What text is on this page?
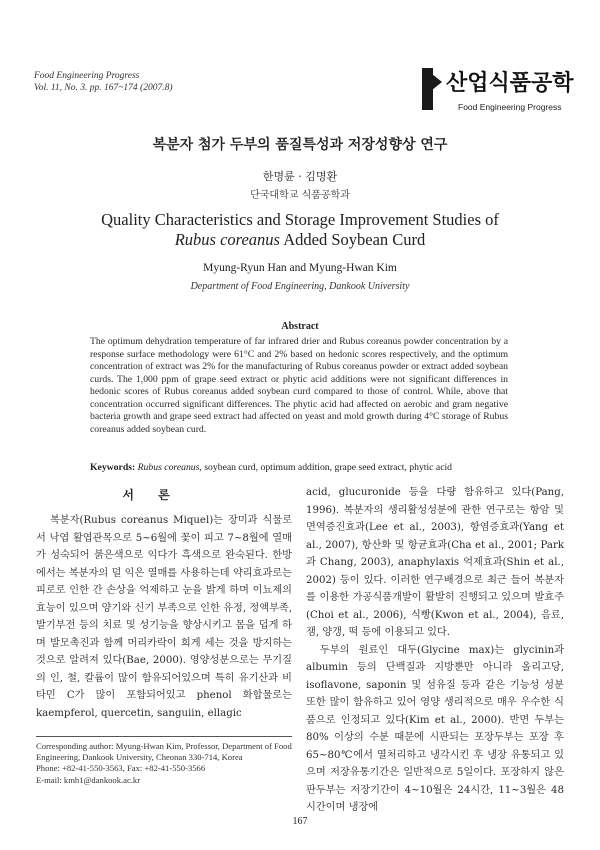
Food Engineering Progress
Vol. 11, No. 3. pp. 167~174 (2007.8)	산업식품공학
Food Engineering Progress
복분자 첨가 두부의 품질특성과 저장성향상 연구
한명륜 · 김명환
단국대학교 식품공학과
Quality Characteristics and Storage Improvement Studies of
Rubus coreanus Added Soybean Curd
Myung-Ryun Han and Myung-Hwan Kim
Department of Food Engineering, Dankook University
Abstract
The optimum dehydration temperature of far infrared drier and Rubus coreanus powder concentration by a response surface methodology were 61°C and 2% based on hedonic scores respectively, and the optimum concentration of extract was 2% for the manufacturing of Rubus coreanus powder or extract added soybean curds. The 1,000 ppm of grape seed extract or phytic acid additions were not significant differences in hedonic scores of Rubus coreanus added soybean curd compared to those of control. While, above that concentration occurred significant differences. The phytic acid had affected on aerobic and gram negative bacteria growth and grape seed extract had affected on yeast and mold growth during 4°C storage of Rubus coreanus added soybean curd.
Keywords: Rubus coreanus, soybean curd, optimum addition, grape seed extract, phytic acid
서 론

복분자(Rubus coreanus Miquel)는 장미과 식물로서 낙엽 활엽관목으로 5~6월에 꽃이 피고 7~8월에 열매가 성숙되어 붉은색으로 익다가 흑색으로 완숙된다. 한방에서는 복분자의 덜 익은 열매를 사용하는데 약리효과로는 피로로 인한 간 손상을 억제하고 눈을 밝게 하며 이뇨제의 효능이 있으며 양기와 신기 부족으로 인한 유정, 정액부족, 발기부전 등의 치료 및 성기능을 향상시키고 몸을 덥게 하며 발모촉진과 함께 머리카락이 희게 세는 것을 방지하는 것으로 알려져 있다(Bae, 2000). 영양성분으로는 무기질의 인, 철, 칼륨이 많이 함유되어있으며 특히 유기산과 비타민 C가 많이 포함되어있고 phenol 화합물로는 kaempferol, quercetin, sanguiin, ellagic

acid, glucuronide 등을 다량 함유하고 있다(Pang, 1996). 복분자의 생리활성성분에 관한 연구로는 항암 및 면역증진효과(Lee et al., 2003), 항염증효과(Yang et al., 2007), 항산화 및 항균효과(Cha et al., 2001; Park과 Chang, 2003), anaphylaxis 억제효과(Shin et al., 2002) 등이 있다. 이러한 연구배경으로 최근 들어 복분자를 이용한 가공식품개발이 활발히 진행되고 있으며 발효주(Choi et al., 2006), 식빵(Kwon et al., 2004), 음료, 잼, 양갱, 떡 등에 이용되고 있다.

두부의 원료인 대두(Glycine max)는 glycinin과 albumin 등의 단백질과 지방뿐만 아니라 올리고당, isoflavone, saponin 및 섬유질 등과 같은 기능성 성분 또한 많이 함유하고 있어 영양 생리적으로 매우 우수한 식품으로 인정되고 있다(Kim et al., 2000). 반면 두부는 80% 이상의 수분 때문에 시판되는 포장두부는 포장 후 65~80℃에서 열처리하고 냉각시킨 후 냉장 유통되고 있으며 저장유통기간은 일반적으로 5일이다. 포장하지 않은 판두부는 저장기간이 4~10월은 24시간, 11~3월은 48시간이며 냉장에

Corresponding author: Myung-Hwan Kim, Professor, Department of Food Engineering, Dankook University, Cheonan 330-714, Korea
Phone: +82-41-550-3563, Fax: +82-41-550-3566
E-mail: kmh1@dankook.ac.kr
167
